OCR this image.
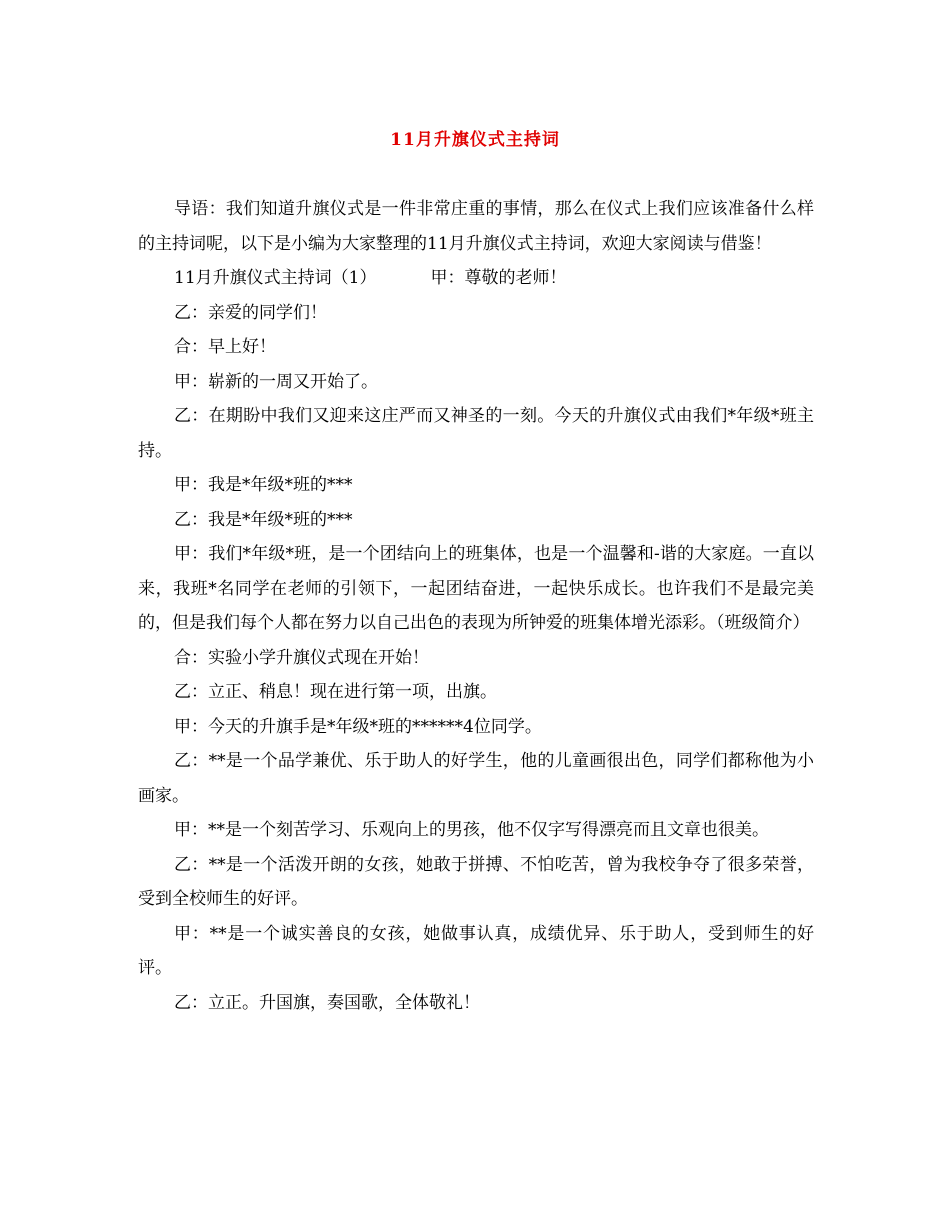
11月升旗仪式主持词

导语：我们知道升旗仪式是一件非常庄重的事情，那么在仪式上我们应该准备什么样的主持词呢，以下是小编为大家整理的11月升旗仪式主持词，欢迎大家阅读与借鉴！

11月升旗仪式主持词（1）	甲：尊敬的老师！

乙：亲爱的同学们！

合：早上好！

甲：崭新的一周又开始了。

乙：在期盼中我们又迎来这庄严而又神圣的一刻。今天的升旗仪式由我们*年级*班主持。

甲：我是*年级*班的***

乙：我是*年级*班的***

甲：我们*年级*班，是一个团结向上的班集体，也是一个温馨和-谐的大家庭。一直以来，我班*名同学在老师的引领下，一起团结奋进，一起快乐成长。也许我们不是最完美的，但是我们每个人都在努力以自己出色的表现为所钟爱的班集体增光添彩。（班级简介）

合：实验小学升旗仪式现在开始！

乙：立正、稍息！现在进行第一项，出旗。

甲：今天的升旗手是*年级*班的******4位同学。

乙：**是一个品学兼优、乐于助人的好学生，他的儿童画很出色，同学们都称他为小画家。

甲：**是一个刻苦学习、乐观向上的男孩，他不仅字写得漂亮而且文章也很美。

乙：**是一个活泼开朗的女孩，她敢于拼搏、不怕吃苦，曾为我校争夺了很多荣誉，受到全校师生的好评。

甲：**是一个诚实善良的女孩，她做事认真，成绩优异、乐于助人，受到师生的好评。

乙：立正。升国旗，奏国歌，全体敬礼！
